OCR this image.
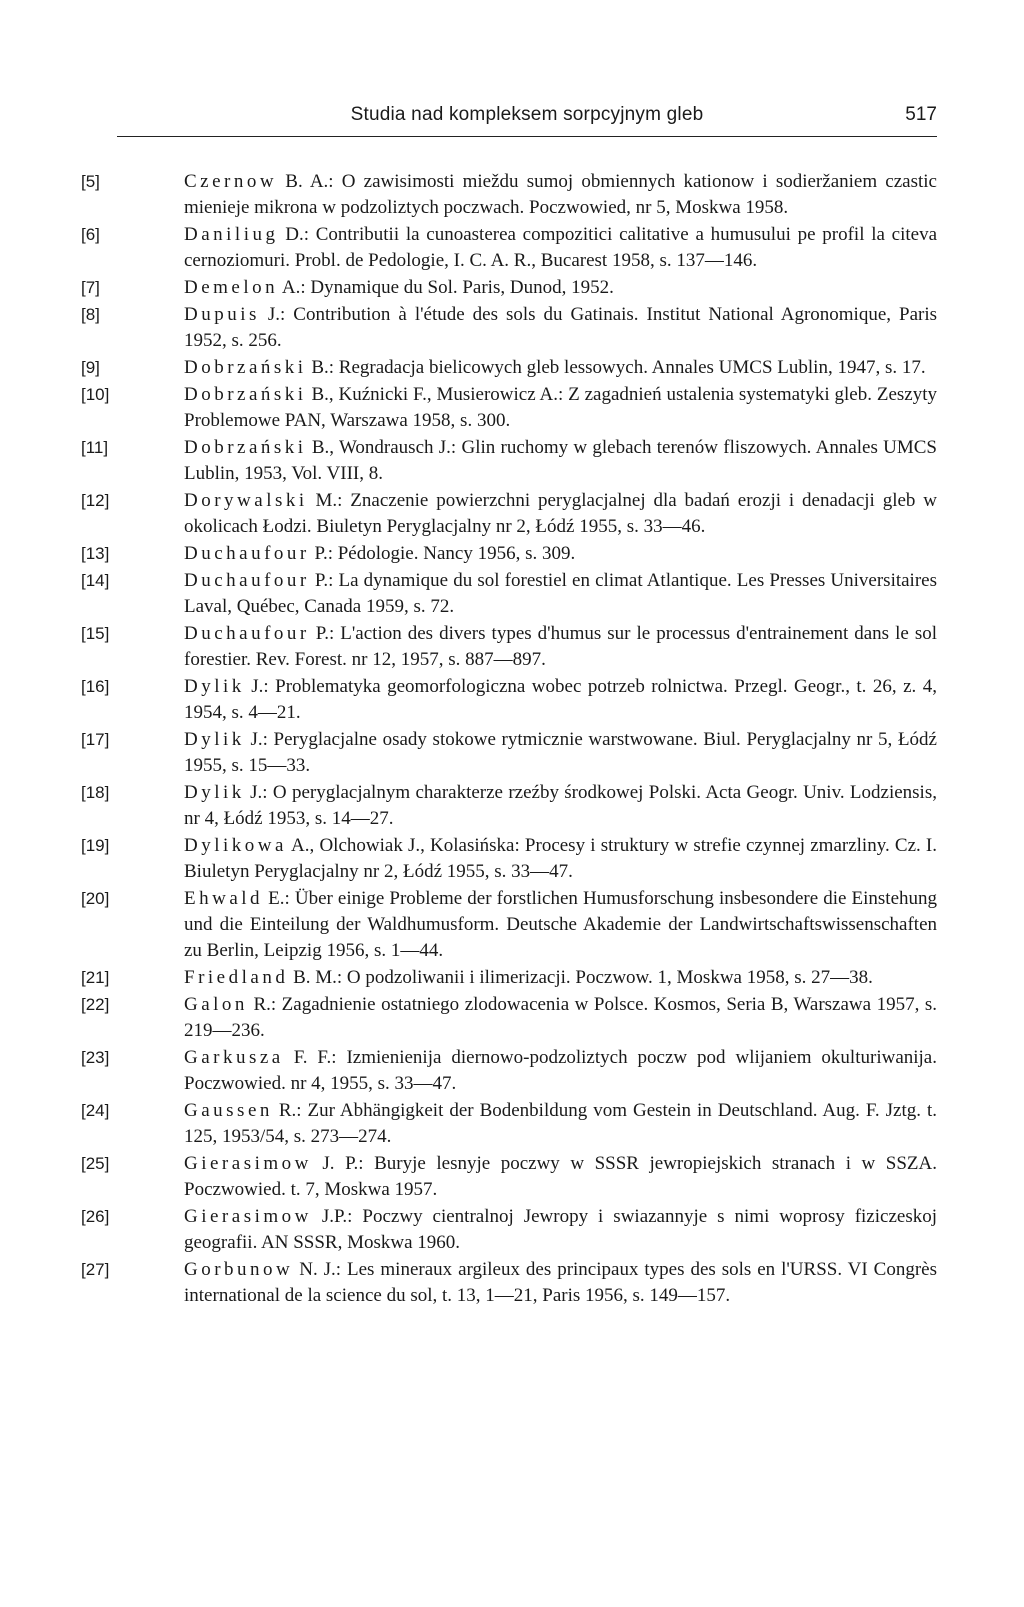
Studia nad kompleksem sorpcyjnym gleb	517
[5]	Czernow B. A.: O zawisimosti mieždu sumoj obmiennych kationow i sodieržaniem czastic mienieje mikrona w podzoliztych poczwach. Poczwowied, nr 5, Moskwa 1958.
[6]	Daniliug D.: Contributii la cunoasterea compozitici calitative a humusului pe profil la citeva cernoziomuri. Probl. de Pedologie, I. C. A. R., Bucarest 1958, s. 137—146.
[7]	Demelon A.: Dynamique du Sol. Paris, Dunod, 1952.
[8]	Dupuis J.: Contribution à l'étude des sols du Gatinais. Institut National Agronomique, Paris 1952, s. 256.
[9]	Dobrzański B.: Regradacja bielicowych gleb lessowych. Annales UMCS Lublin, 1947, s. 17.
[10]	Dobrzański B., Kuźnicki F., Musierowicz A.: Z zagadnień ustalenia systematyki gleb. Zeszyty Problemowe PAN, Warszawa 1958, s. 300.
[11]	Dobrzański B., Wondrausch J.: Glin ruchomy w glebach terenów fliszowych. Annales UMCS Lublin, 1953, Vol. VIII, 8.
[12]	Dorywalski M.: Znaczenie powierzchni peryglacjalnej dla badań erozji i denadacji gleb w okolicach Łodzi. Biuletyn Peryglacjalny nr 2, Łódź 1955, s. 33—46.
[13]	Duchaufour P.: Pédologie. Nancy 1956, s. 309.
[14]	Duchaufour P.: La dynamique du sol forestiel en climat Atlantique. Les Presses Universitaires Laval, Québec, Canada 1959, s. 72.
[15]	Duchaufour P.: L'action des divers types d'humus sur le processus d'entrainement dans le sol forestier. Rev. Forest. nr 12, 1957, s. 887—897.
[16]	Dylik J.: Problematyka geomorfologiczna wobec potrzeb rolnictwa. Przegl. Geogr., t. 26, z. 4, 1954, s. 4—21.
[17]	Dylik J.: Peryglacjalne osady stokowe rytmicznie warstwowane. Biul. Peryglacjalny nr 5, Łódź 1955, s. 15—33.
[18]	Dylik J.: O peryglacjalnym charakterze rzeźby środkowej Polski. Acta Geogr. Univ. Lodziensis, nr 4, Łódź 1953, s. 14—27.
[19]	Dylikowa A., Olchowiak J., Kolasińska: Procesy i struktury w strefie czynnej zmarzliny. Cz. I. Biuletyn Peryglacjalny nr 2, Łódź 1955, s. 33—47.
[20]	Ehwald E.: Über einige Probleme der forstlichen Humusforschung insbesondere die Einstehung und die Einteilung der Waldhumusform. Deutsche Akademie der Landwirtschaftswissenschaften zu Berlin, Leipzig 1956, s. 1—44.
[21]	Friedland B. M.: O podzoliwanii i ilimerizacji. Poczwow. 1, Moskwa 1958, s. 27—38.
[22]	Galon R.: Zagadnienie ostatniego zlodowacenia w Polsce. Kosmos, Seria B, Warszawa 1957, s. 219—236.
[23]	Garkusza F. F.: Izmienienija diernowo-podzoliztych poczw pod wlijaniem okulturiwanija. Poczwowied. nr 4, 1955, s. 33—47.
[24]	Gaussen R.: Zur Abhängigkeit der Bodenbildung vom Gestein in Deutschland. Aug. F. Jztg. t. 125, 1953/54, s. 273—274.
[25]	Gierasimow J. P.: Buryje lesnyje poczwy w SSSR jewropiejskich stranach i w SSZA. Poczwowied. t. 7, Moskwa 1957.
[26]	Gierasimow J.P.: Poczwy cientralnoj Jewropy i swiazannyje s nimi woprosy fiziczeskoj geografii. AN SSSR, Moskwa 1960.
[27]	Gorbunow N. J.: Les mineraux argileux des principaux types des sols en l'URSS. VI Congrès international de la science du sol, t. 13, 1—21, Paris 1956, s. 149—157.
